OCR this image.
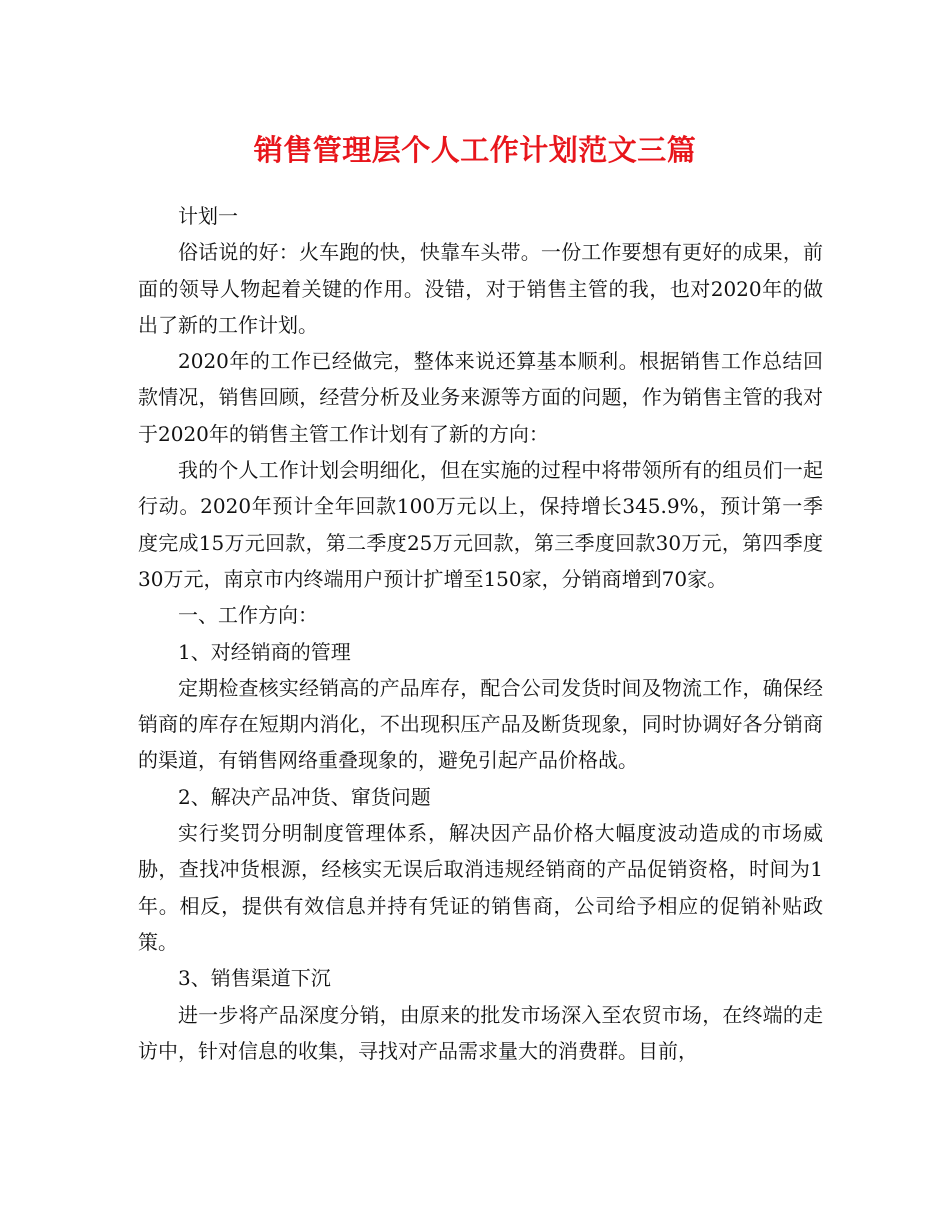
销售管理层个人工作计划范文三篇

计划一

俗话说的好：火车跑的快，快靠车头带。一份工作要想有更好的成果，前面的领导人物起着关键的作用。没错，对于销售主管的我，也对2020年的做出了新的工作计划。

2020年的工作已经做完，整体来说还算基本顺利。根据销售工作总结回款情况，销售回顾，经营分析及业务来源等方面的问题，作为销售主管的我对于2020年的销售主管工作计划有了新的方向：

我的个人工作计划会明细化，但在实施的过程中将带领所有的组员们一起行动。2020年预计全年回款100万元以上，保持增长345.9%，预计第一季度完成15万元回款，第二季度25万元回款，第三季度回款30万元，第四季度30万元，南京市内终端用户预计扩增至150家，分销商增到70家。

一、工作方向：

1、对经销商的管理

定期检查核实经销高的产品库存，配合公司发货时间及物流工作，确保经销商的库存在短期内消化，不出现积压产品及断货现象，同时协调好各分销商的渠道，有销售网络重叠现象的，避免引起产品价格战。

2、解决产品冲货、窜货问题

实行奖罚分明制度管理体系，解决因产品价格大幅度波动造成的市场威胁，查找冲货根源，经核实无误后取消违规经销商的产品促销资格，时间为1年。相反，提供有效信息并持有凭证的销售商，公司给予相应的促销补贴政策。

3、销售渠道下沉

进一步将产品深度分销，由原来的批发市场深入至农贸市场，在终端的走访中，针对信息的收集，寻找对产品需求量大的消费群。目前，
